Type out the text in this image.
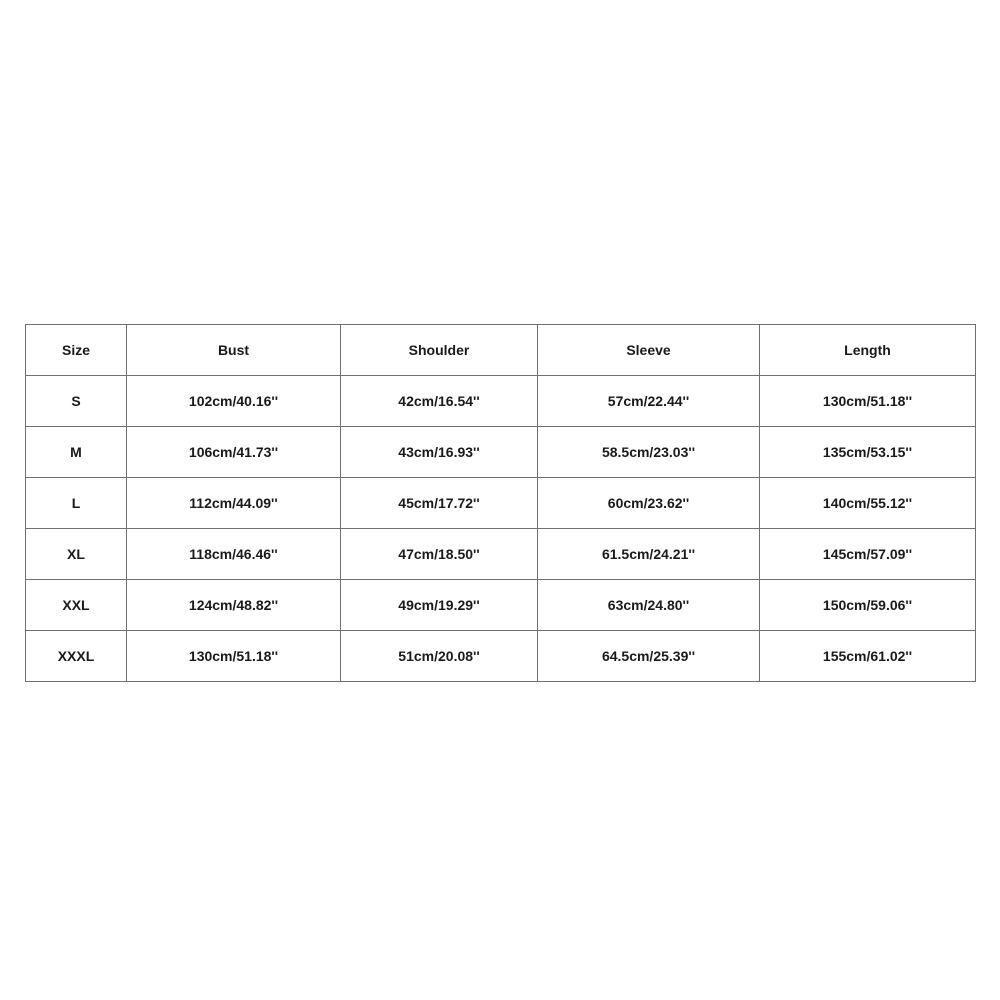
Size	Bust	Shoulder	Sleeve	Length
S	102cm/40.16''	42cm/16.54''	57cm/22.44''	130cm/51.18''
M	106cm/41.73''	43cm/16.93''	58.5cm/23.03''	135cm/53.15''
L	112cm/44.09''	45cm/17.72''	60cm/23.62''	140cm/55.12''
XL	118cm/46.46''	47cm/18.50''	61.5cm/24.21''	145cm/57.09''
XXL	124cm/48.82''	49cm/19.29''	63cm/24.80''	150cm/59.06''
XXXL	130cm/51.18''	51cm/20.08''	64.5cm/25.39''	155cm/61.02''
